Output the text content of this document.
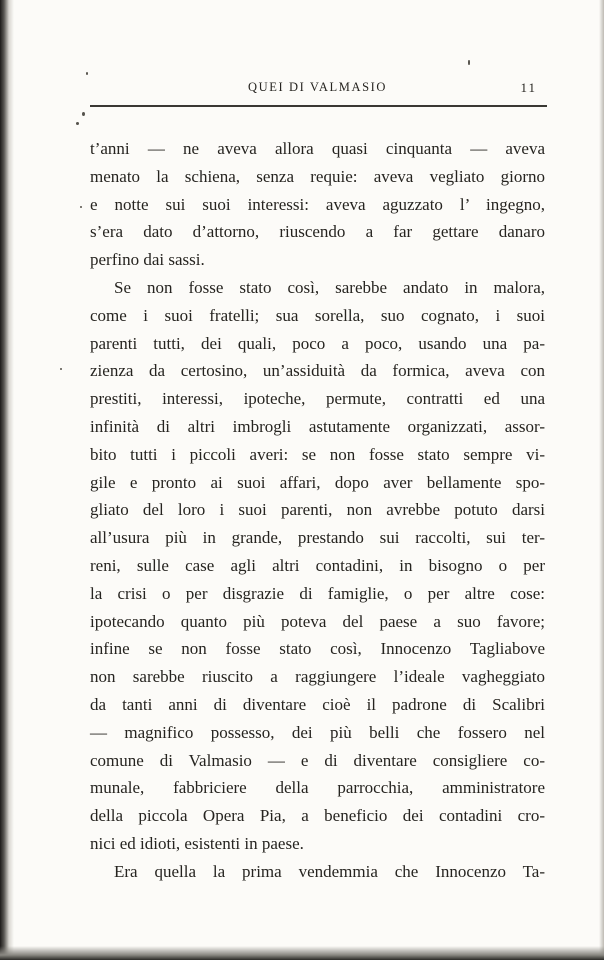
QUEI DI VALMASIO	11
t’anni — ne aveva allora quasi cinquanta — aveva
menato la schiena, senza requie: aveva vegliato giorno
e notte sui suoi interessi: aveva aguzzato l’ ingegno,
s’era dato d’attorno, riuscendo a far gettare danaro
perfino dai sassi.
Se non fosse stato così, sarebbe andato in malora,
come i suoi fratelli; sua sorella, suo cognato, i suoi
parenti tutti, dei quali, poco a poco, usando una pa-
zienza da certosino, un’assiduità da formica, aveva con
prestiti, interessi, ipoteche, permute, contratti ed una
infinità di altri imbrogli astutamente organizzati, assor-
bito tutti i piccoli averi: se non fosse stato sempre vi-
gile e pronto ai suoi affari, dopo aver bellamente spo-
gliato del loro i suoi parenti, non avrebbe potuto darsi
all’usura più in grande, prestando sui raccolti, sui ter-
reni, sulle case agli altri contadini, in bisogno o per
la crisi o per disgrazie di famiglie, o per altre cose:
ipotecando quanto più poteva del paese a suo favore;
infine se non fosse stato così, Innocenzo Tagliabove
non sarebbe riuscito a raggiungere l’ideale vagheggiato
da tanti anni di diventare cioè il padrone di Scalibri
— magnifico possesso, dei più belli che fossero nel
comune di Valmasio — e di diventare consigliere co-
munale, fabbriciere della parrocchia, amministratore
della piccola Opera Pia, a beneficio dei contadini cro-
nici ed idioti, esistenti in paese.
Era quella la prima vendemmia che Innocenzo Ta-
